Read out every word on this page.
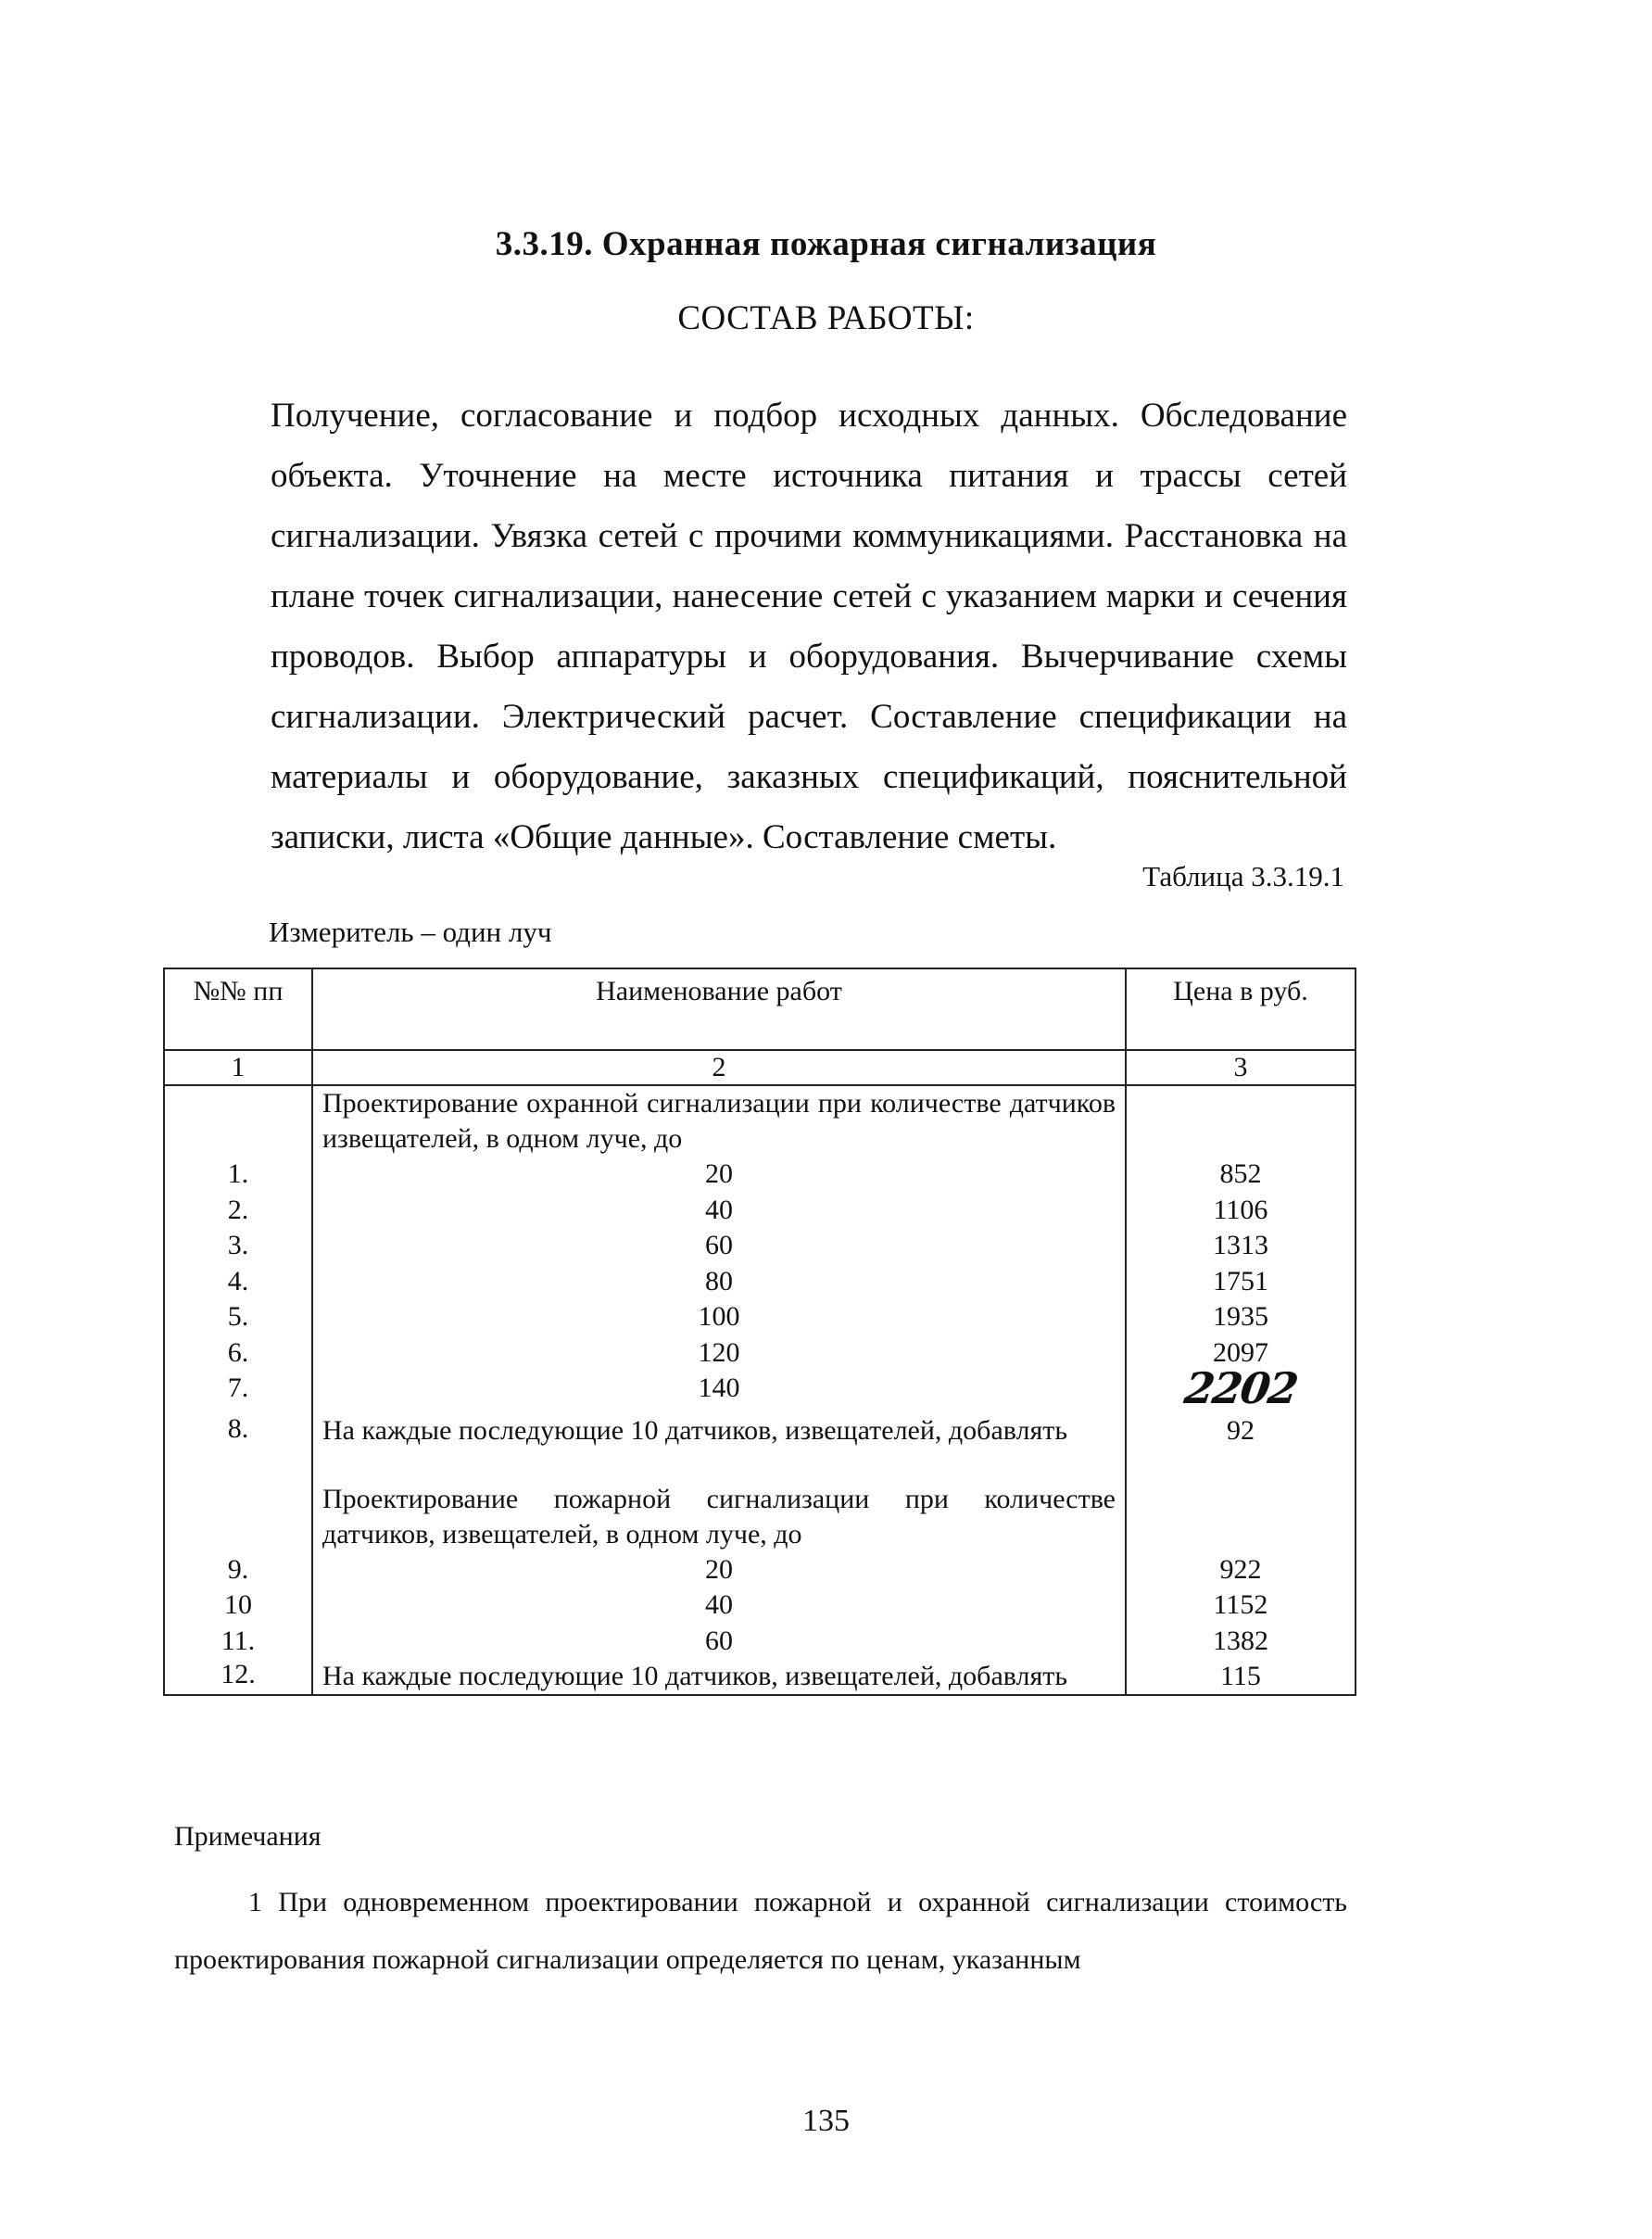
3.3.19. Охранная пожарная сигнализация
СОСТАВ РАБОТЫ:
Получение, согласование и подбор исходных данных. Обследование объекта. Уточнение на месте источника питания и трассы сетей сигнализации. Увязка сетей с прочими коммуникациями. Расстановка на плане точек сигнализации, нанесение сетей с указанием марки и сечения проводов. Выбор аппаратуры и оборудования. Вычерчивание схемы сигнализации. Электрический расчет. Составление спецификации на материалы и оборудование, заказных спецификаций, пояснительной записки, листа «Общие данные». Составление сметы.
Таблица 3.3.19.1
Измеритель – один луч
№№ пп	Наименование работ	Цена в руб.
1	2	3
	Проектирование охранной сигнализации при количестве датчиков извещателей, в одном луче, до	
1.	20	852
2.	40	1106
3.	60	1313
4.	80	1751
5.	100	1935
6.	120	2097
7.	140	2202
8.	На каждые последующие 10 датчиков, извещателей, добавлять	92

	Проектирование пожарной сигнализации при количестве датчиков, извещателей, в одном луче, до	
9.	20	922
10	40	1152
11.	60	1382
12.	На каждые последующие 10 датчиков, извещателей, добавлять	115
Примечания
1 При одновременном проектировании пожарной и охранной сигнализации стоимость проектирования пожарной сигнализации определяется по ценам, указанным
135
